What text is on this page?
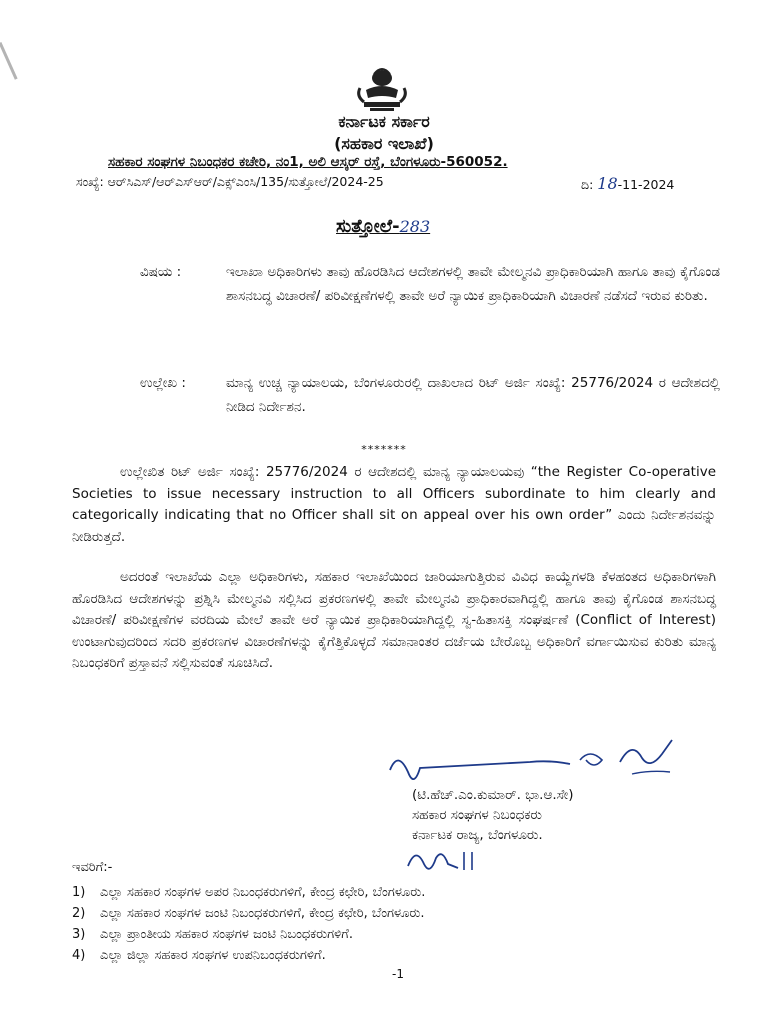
ಕರ್ನಾಟಕ ಸರ್ಕಾರ
(ಸಹಕಾರ ಇಲಾಖೆ)
ಸಹಕಾರ ಸಂಘಗಳ ನಿಬಂಧಕರ ಕಚೇರಿ, ನಂ1, ಅಲಿ ಆಸ್ಕರ್ ರಸ್ತೆ, ಬೆಂಗಳೂರು-560052.
ಸಂಖ್ಯೆ: ಆರ್‌ಸಿಎಸ್/ಆರ್‌ಎಸ್‌ಆರ್/ಎಕ್ಸ್‌ಎಂಸಿ/135/ಸುತ್ತೋಲೆ/2024-25	ದಿ: 18-11-2024
ಸುತ್ತೋಲೆ-283
ವಿಷಯ :	ಇಲಾಖಾ ಅಧಿಕಾರಿಗಳು ತಾವು ಹೊರಡಿಸಿದ ಆದೇಶಗಳಲ್ಲಿ ತಾವೇ ಮೇಲ್ಮನವಿ ಪ್ರಾಧಿಕಾರಿಯಾಗಿ ಹಾಗೂ ತಾವು ಕೈಗೊಂಡ ಶಾಸನಬದ್ಧ ವಿಚಾರಣೆ/ ಪರಿವೀಕ್ಷಣೆಗಳಲ್ಲಿ ತಾವೇ ಅರೆ ನ್ಯಾಯಿಕ ಪ್ರಾಧಿಕಾರಿಯಾಗಿ ವಿಚಾರಣೆ ನಡೆಸದೆ ಇರುವ ಕುರಿತು.
ಉಲ್ಲೇಖ :	ಮಾನ್ಯ ಉಚ್ಚ ನ್ಯಾಯಾಲಯ, ಬೆಂಗಳೂರುರಲ್ಲಿ ದಾಖಲಾದ ರಿಟ್ ಅರ್ಜಿ ಸಂಖ್ಯೆ: 25776/2024 ರ ಆದೇಶದಲ್ಲಿ ನೀಡಿದ ನಿರ್ದೇಶನ.
*******
ಉಲ್ಲೇಖಿತ ರಿಟ್ ಅರ್ಜಿ ಸಂಖ್ಯೆ: 25776/2024 ರ ಆದೇಶದಲ್ಲಿ ಮಾನ್ಯ ನ್ಯಾಯಾಲಯವು “the Register Co-operative Societies to issue necessary instruction to all Officers subordinate to him clearly and categorically indicating that no Officer shall sit on appeal over his own order” ಎಂದು ನಿರ್ದೇಶನವನ್ನು ನೀಡಿರುತ್ತದೆ.
ಅದರಂತೆ ಇಲಾಖೆಯ ಎಲ್ಲಾ ಅಧಿಕಾರಿಗಳು, ಸಹಕಾರ ಇಲಾಖೆಯಿಂದ ಜಾರಿಯಾಗುತ್ತಿರುವ ವಿವಿಧ ಕಾಯ್ದೆಗಳಡಿ ಕೆಳಹಂತದ ಅಧಿಕಾರಿಗಳಾಗಿ ಹೊರಡಿಸಿದ ಆದೇಶಗಳನ್ನು ಪ್ರಶ್ನಿಸಿ ಮೇಲ್ಮನವಿ ಸಲ್ಲಿಸಿದ ಪ್ರಕರಣಗಳಲ್ಲಿ ತಾವೇ ಮೇಲ್ಮನವಿ ಪ್ರಾಧಿಕಾರವಾಗಿದ್ದಲ್ಲಿ ಹಾಗೂ ತಾವು ಕೈಗೊಂಡ ಶಾಸನಬದ್ಧ ವಿಚಾರಣೆ/ ಪರಿವೀಕ್ಷಣೆಗಳ ವರದಿಯ ಮೇಲೆ ತಾವೇ ಅರೆ ನ್ಯಾಯಿಕ ಪ್ರಾಧಿಕಾರಿಯಾಗಿದ್ದಲ್ಲಿ ಸ್ವ-ಹಿತಾಸಕ್ತಿ ಸಂಘರ್ಷಣೆ (Conflict of Interest) ಉಂಟಾಗುವುದರಿಂದ ಸದರಿ ಪ್ರಕರಣಗಳ ವಿಚಾರಣೆಗಳನ್ನು ಕೈಗೆತ್ತಿಕೊಳ್ಳದೆ ಸಮಾನಾಂತರ ದರ್ಜೆಯ ಬೇರೊಬ್ಬ ಅಧಿಕಾರಿಗೆ ವರ್ಗಾಯಿಸುವ ಕುರಿತು ಮಾನ್ಯ ನಿಬಂಧಕರಿಗೆ ಪ್ರಸ್ತಾವನೆ ಸಲ್ಲಿಸುವಂತೆ ಸೂಚಿಸಿದೆ.
(ಟಿ.ಹೆಚ್.ಎಂ.ಕುಮಾರ್. ಭಾ.ಆ.ಸೇ)
ಸಹಕಾರ ಸಂಘಗಳ ನಿಬಂಧಕರು
ಕರ್ನಾಟಕ ರಾಜ್ಯ, ಬೆಂಗಳೂರು.
ಇವರಿಗೆ:-
1)	ಎಲ್ಲಾ ಸಹಕಾರ ಸಂಘಗಳ ಅಪರ ನಿಬಂಧಕರುಗಳಿಗೆ, ಕೇಂದ್ರ ಕಛೇರಿ, ಬೆಂಗಳೂರು.
2)	ಎಲ್ಲಾ ಸಹಕಾರ ಸಂಘಗಳ ಜಂಟಿ ನಿಬಂಧಕರುಗಳಿಗೆ, ಕೇಂದ್ರ ಕಛೇರಿ, ಬೆಂಗಳೂರು.
3)	ಎಲ್ಲಾ ಪ್ರಾಂತೀಯ ಸಹಕಾರ ಸಂಘಗಳ ಜಂಟಿ ನಿಬಂಧಕರುಗಳಿಗೆ.
4)	ಎಲ್ಲಾ ಜಿಲ್ಲಾ ಸಹಕಾರ ಸಂಘಗಳ ಉಪನಿಬಂಧಕರುಗಳಿಗೆ.
-1
